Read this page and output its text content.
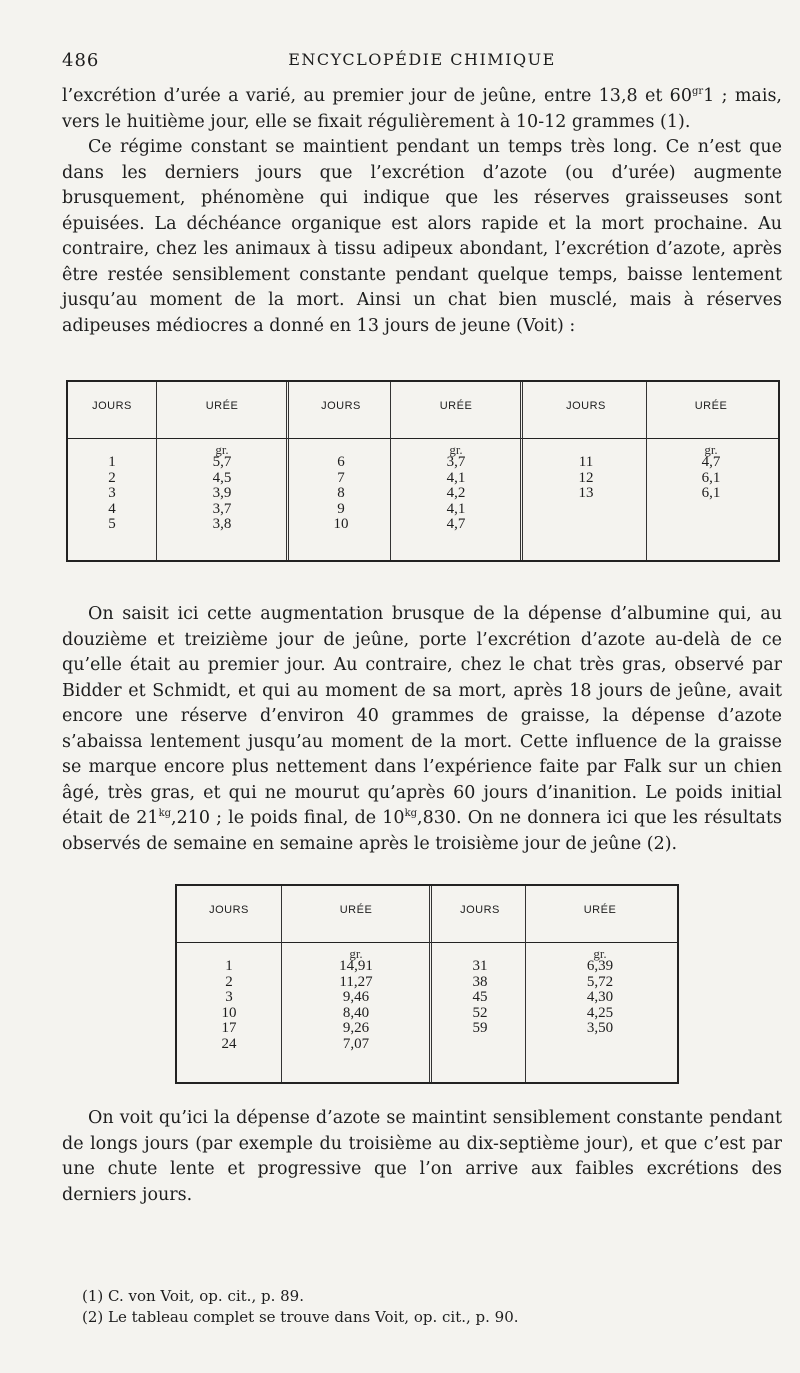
486	ENCYCLOPÉDIE CHIMIQUE
l’excrétion d’urée a varié, au premier jour de jeûne, entre 13,8 et $60^{gr}1$ ; mais, vers le huitième jour, elle se fixait régulièrement à 10-12 grammes (1).
Ce régime constant se maintient pendant un temps très long. Ce n’est que dans les derniers jours que l’excrétion d’azote (ou d’urée) augmente brusquement, phénomène qui indique que les réserves graisseuses sont épuisées. La déchéance organique est alors rapide et la mort prochaine. Au contraire, chez les animaux à tissu adipeux abondant, l’excrétion d’azote, après être restée sensiblement constante pendant quelque temps, baisse lentement jusqu’au moment de la mort. Ainsi un chat bien musclé, mais à réserves adipeuses médiocres a donné en 13 jours de jeune (Voit) :
JOURS
1
2
3
4
5
URÉE
gr.
5,7
4,5
3,9
3,7
3,8
JOURS
6
7
8
9
10
URÉE
gr.
3,7
4,1
4,2
4,1
4,7
JOURS
11
12
13
URÉE
gr.
4,7
6,1
6,1
On saisit ici cette augmentation brusque de la dépense d’albumine qui, au douzième et treizième jour de jeûne, porte l’excrétion d’azote au-delà de ce qu’elle était au premier jour. Au contraire, chez le chat très gras, observé par Bidder et Schmidt, et qui au moment de sa mort, après 18 jours de jeûne, avait encore une réserve d’environ 40 grammes de graisse, la dépense d’azote s’abaissa lentement jusqu’au moment de la mort. Cette influence de la graisse se marque encore plus nettement dans l’expérience faite par Falk sur un chien âgé, très gras, et qui ne mourut qu’après 60 jours d’inanition. Le poids initial était de $21^{kg},210$ ; le poids final, de $10^{kg},830$. On ne donnera ici que les résultats observés de semaine en semaine après le troisième jour de jeûne (2).
JOURS
1
2
3
10
17
24
URÉE
gr.
14,91
11,27
9,46
8,40
9,26
7,07
JOURS
31
38
45
52
59
URÉE
gr.
6,39
5,72
4,30
4,25
3,50
On voit qu’ici la dépense d’azote se maintint sensiblement constante pendant de longs jours (par exemple du troisième au dix-septième jour), et que c’est par une chute lente et progressive que l’on arrive aux faibles excrétions des derniers jours.
(1) C. von Voit, op. cit., p. 89.
(2) Le tableau complet se trouve dans Voit, op. cit., p. 90.
